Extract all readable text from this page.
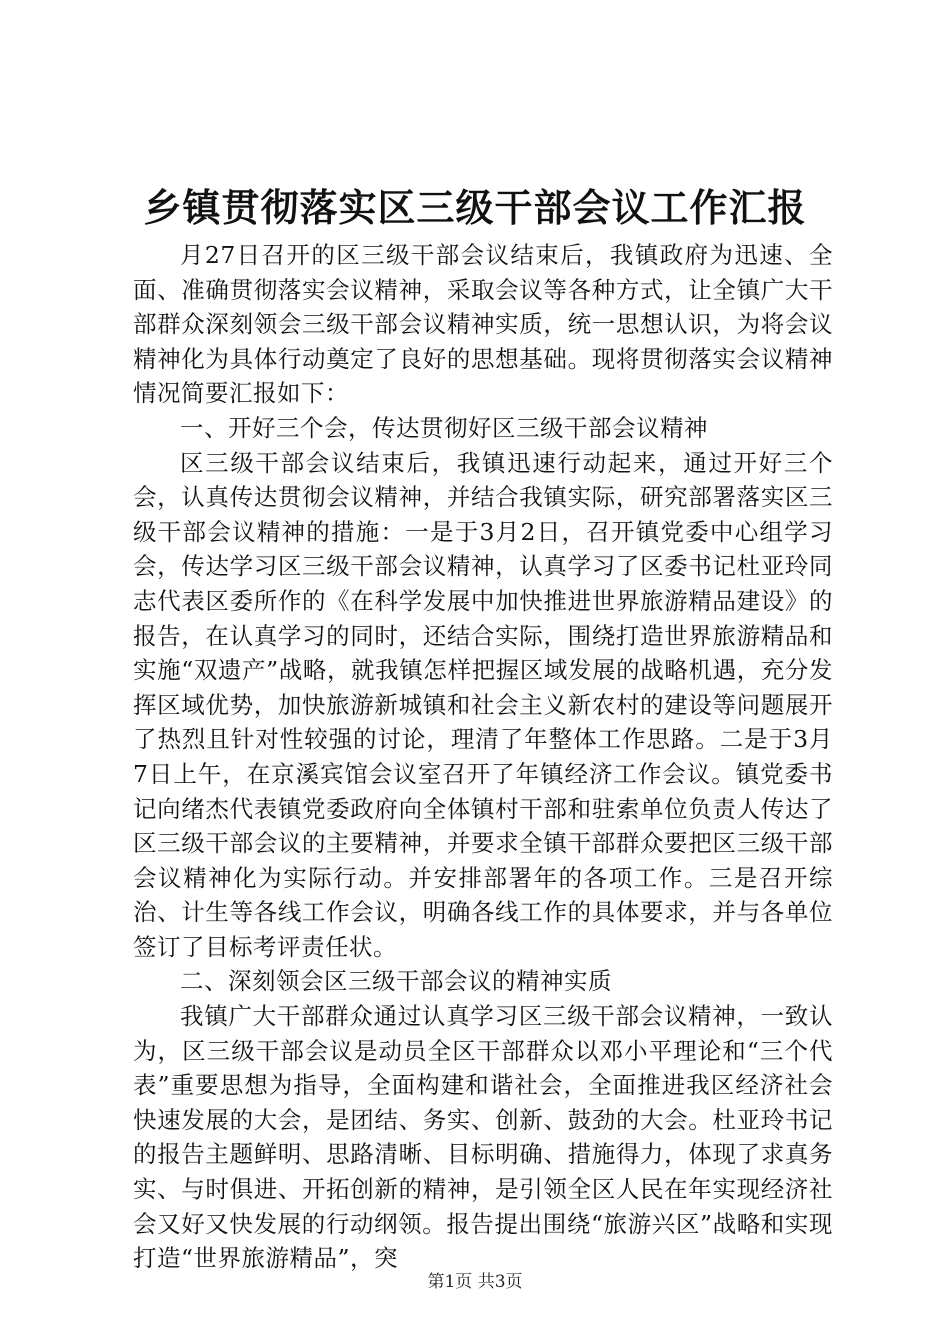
乡镇贯彻落实区三级干部会议工作汇报

月27日召开的区三级干部会议结束后，我镇政府为迅速、全面、准确贯彻落实会议精神，采取会议等各种方式，让全镇广大干部群众深刻领会三级干部会议精神实质，统一思想认识，为将会议精神化为具体行动奠定了良好的思想基础。现将贯彻落实会议精神情况简要汇报如下：

一、开好三个会，传达贯彻好区三级干部会议精神

区三级干部会议结束后，我镇迅速行动起来，通过开好三个会，认真传达贯彻会议精神，并结合我镇实际，研究部署落实区三级干部会议精神的措施：一是于3月2日，召开镇党委中心组学习会，传达学习区三级干部会议精神，认真学习了区委书记杜亚玲同志代表区委所作的《在科学发展中加快推进世界旅游精品建设》的报告，在认真学习的同时，还结合实际，围绕打造世界旅游精品和实施“双遗产”战略，就我镇怎样把握区域发展的战略机遇，充分发挥区域优势，加快旅游新城镇和社会主义新农村的建设等问题展开了热烈且针对性较强的讨论，理清了年整体工作思路。二是于3月7日上午，在京溪宾馆会议室召开了年镇经济工作会议。镇党委书记向绪杰代表镇党委政府向全体镇村干部和驻索单位负责人传达了区三级干部会议的主要精神，并要求全镇干部群众要把区三级干部会议精神化为实际行动。并安排部署年的各项工作。三是召开综治、计生等各线工作会议，明确各线工作的具体要求，并与各单位签订了目标考评责任状。

二、深刻领会区三级干部会议的精神实质

我镇广大干部群众通过认真学习区三级干部会议精神，一致认为，区三级干部会议是动员全区干部群众以邓小平理论和“三个代表”重要思想为指导，全面构建和谐社会，全面推进我区经济社会快速发展的大会，是团结、务实、创新、鼓劲的大会。杜亚玲书记的报告主题鲜明、思路清晰、目标明确、措施得力，体现了求真务实、与时俱进、开拓创新的精神，是引领全区人民在年实现经济社会又好又快发展的行动纲领。报告提出围绕“旅游兴区”战略和实现打造“世界旅游精品”，突

第1页 共3页
